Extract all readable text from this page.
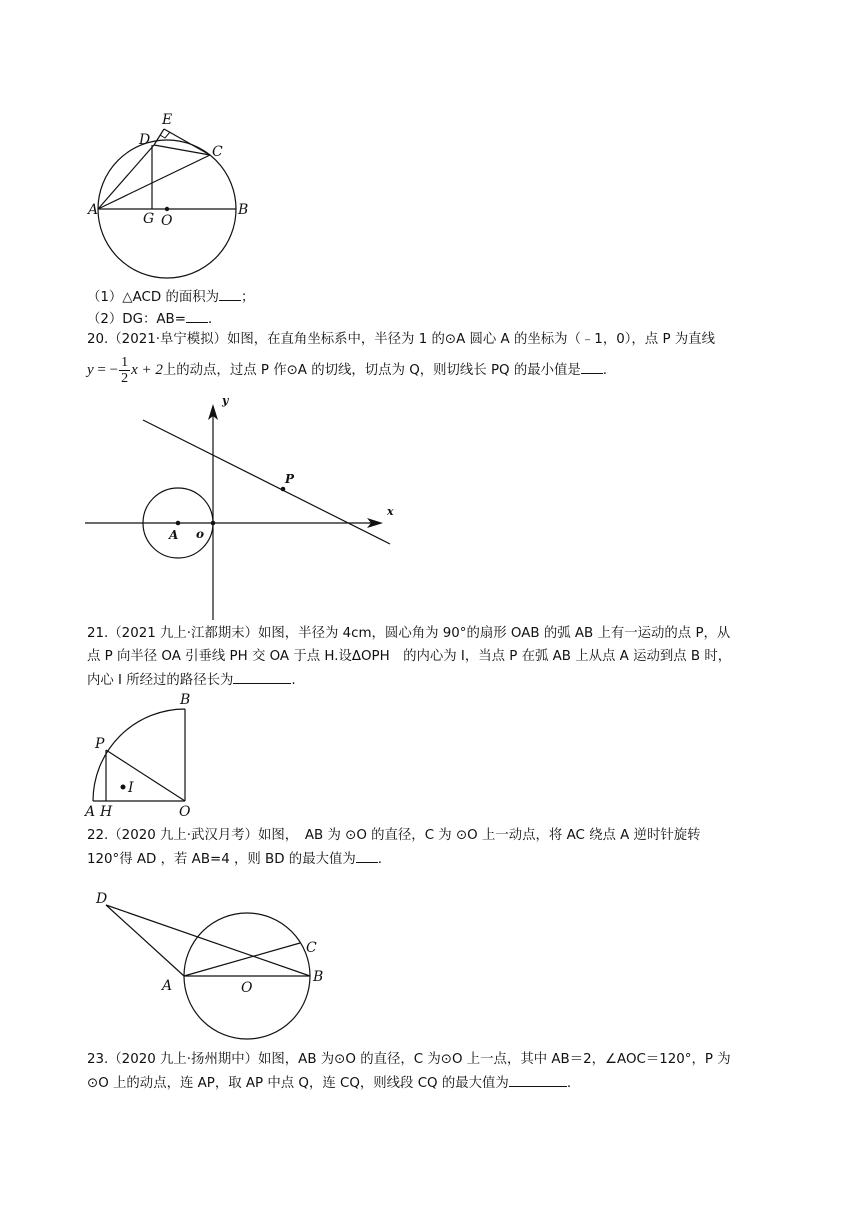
E
D
C
A	B
G O
（1）△ACD 的面积为 ；
（2）DG：AB= ．
20.（2021·阜宁模拟）如图，在直角坐标系中，半径为 1 的⊙A 圆心 A 的坐标为（﹣1，0），点 P 为直线
y = − $\frac{1}{2}$ x + 2上的动点，过点 P 作⊙A 的切线，切点为 Q，则切线长 PQ 的最小值是 .
y
x
P
A o
21.（2021 九上·江都期末）如图，半径为 4cm，圆心角为 90°的扇形 OAB 的弧 AB 上有一运动的点 P，从
点 P 向半径 OA 引垂线 PH 交 OA 于点 H.设ΔOPH　的内心为 I，当点 P 在弧 AB 上从点 A 运动到点 B 时，
内心 I 所经过的路径长为	.
B
P
I
A H	O
22.（2020 九上·武汉月考）如图，　AB 为 ⊙O 的直径，C 为 ⊙O 上一动点，将 AC 绕点 A 逆时针旋转
120°得 AD ，若 AB=4 ，则 BD 的最大值为 .
D
C
A	O
B
23.（2020 九上·扬州期中）如图，AB 为⊙O 的直径，C 为⊙O 上一点，其中 AB＝2，∠AOC＝120°，P 为
⊙O 上的动点，连 AP，取 AP 中点 Q，连 CQ，则线段 CQ 的最大值为	.
